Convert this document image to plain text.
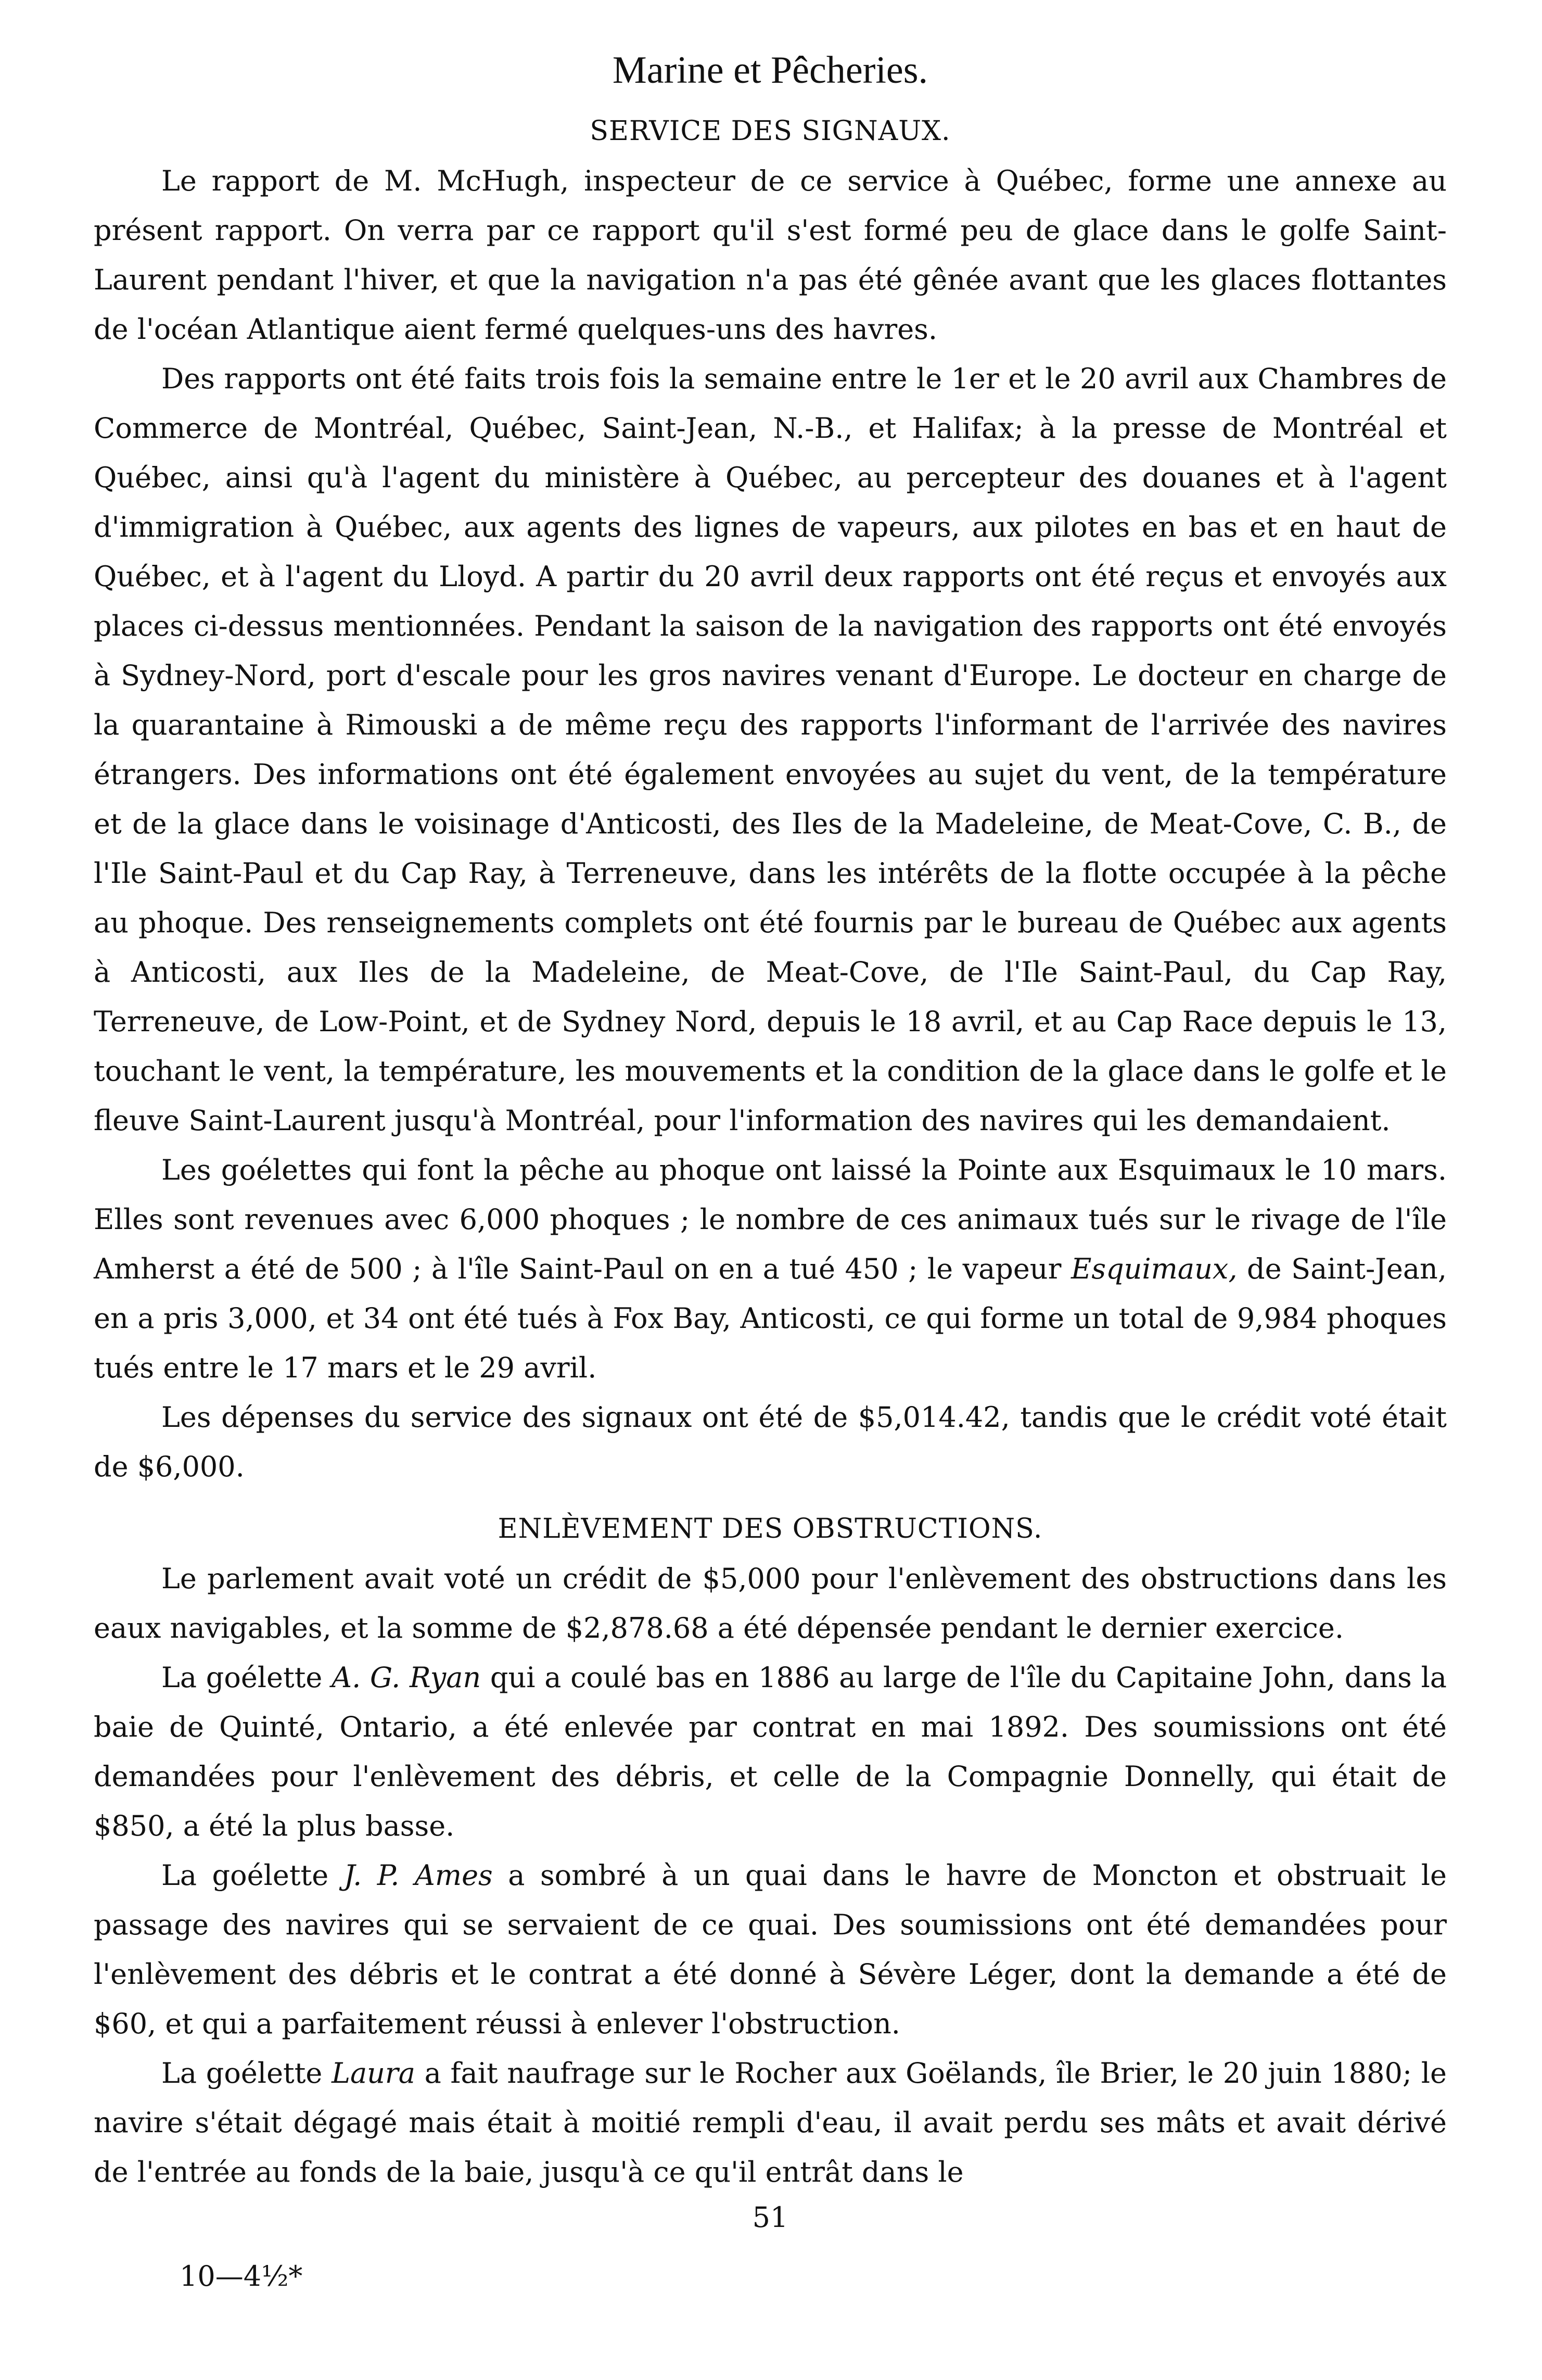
Marine et Pêcheries.
SERVICE DES SIGNAUX.

Le rapport de M. McHugh, inspecteur de ce service à Québec, forme une annexe au présent rapport. On verra par ce rapport qu'il s'est formé peu de glace dans le golfe Saint-Laurent pendant l'hiver, et que la navigation n'a pas été gênée avant que les glaces flottantes de l'océan Atlantique aient fermé quelques-uns des havres.

Des rapports ont été faits trois fois la semaine entre le 1er et le 20 avril aux Chambres de Commerce de Montréal, Québec, Saint-Jean, N.-B., et Halifax; à la presse de Montréal et Québec, ainsi qu'à l'agent du ministère à Québec, au percepteur des douanes et à l'agent d'immigration à Québec, aux agents des lignes de vapeurs, aux pilotes en bas et en haut de Québec, et à l'agent du Lloyd. A partir du 20 avril deux rapports ont été reçus et envoyés aux places ci-dessus mentionnées. Pendant la saison de la navigation des rapports ont été envoyés à Sydney-Nord, port d'escale pour les gros navires venant d'Europe. Le docteur en charge de la quarantaine à Rimouski a de même reçu des rapports l'informant de l'arrivée des navires étrangers. Des informations ont été également envoyées au sujet du vent, de la température et de la glace dans le voisinage d'Anticosti, des Iles de la Madeleine, de Meat-Cove, C. B., de l'Ile Saint-Paul et du Cap Ray, à Terreneuve, dans les intérêts de la flotte occupée à la pêche au phoque. Des renseignements complets ont été fournis par le bureau de Québec aux agents à Anticosti, aux Iles de la Madeleine, de Meat-Cove, de l'Ile Saint-Paul, du Cap Ray, Terreneuve, de Low-Point, et de Sydney Nord, depuis le 18 avril, et au Cap Race depuis le 13, touchant le vent, la température, les mouvements et la condition de la glace dans le golfe et le fleuve Saint-Laurent jusqu'à Montréal, pour l'information des navires qui les demandaient.

Les goélettes qui font la pêche au phoque ont laissé la Pointe aux Esquimaux le 10 mars. Elles sont revenues avec 6,000 phoques ; le nombre de ces animaux tués sur le rivage de l'île Amherst a été de 500 ; à l'île Saint-Paul on en a tué 450 ; le vapeur Esquimaux, de Saint-Jean, en a pris 3,000, et 34 ont été tués à Fox Bay, Anticosti, ce qui forme un total de 9,984 phoques tués entre le 17 mars et le 29 avril.

Les dépenses du service des signaux ont été de $5,014.42, tandis que le crédit voté était de $6,000.

ENLÈVEMENT DES OBSTRUCTIONS.

Le parlement avait voté un crédit de $5,000 pour l'enlèvement des obstructions dans les eaux navigables, et la somme de $2,878.68 a été dépensée pendant le dernier exercice.

La goélette A. G. Ryan qui a coulé bas en 1886 au large de l'île du Capitaine John, dans la baie de Quinté, Ontario, a été enlevée par contrat en mai 1892. Des soumissions ont été demandées pour l'enlèvement des débris, et celle de la Compagnie Donnelly, qui était de $850, a été la plus basse.

La goélette J. P. Ames a sombré à un quai dans le havre de Moncton et obstruait le passage des navires qui se servaient de ce quai. Des soumissions ont été demandées pour l'enlèvement des débris et le contrat a été donné à Sévère Léger, dont la demande a été de $60, et qui a parfaitement réussi à enlever l'obstruction.

La goélette Laura a fait naufrage sur le Rocher aux Goëlands, île Brier, le 20 juin 1880; le navire s'était dégagé mais était à moitié rempli d'eau, il avait perdu ses mâts et avait dérivé de l'entrée au fonds de la baie, jusqu'à ce qu'il entrât dans le

51
10—4½*
